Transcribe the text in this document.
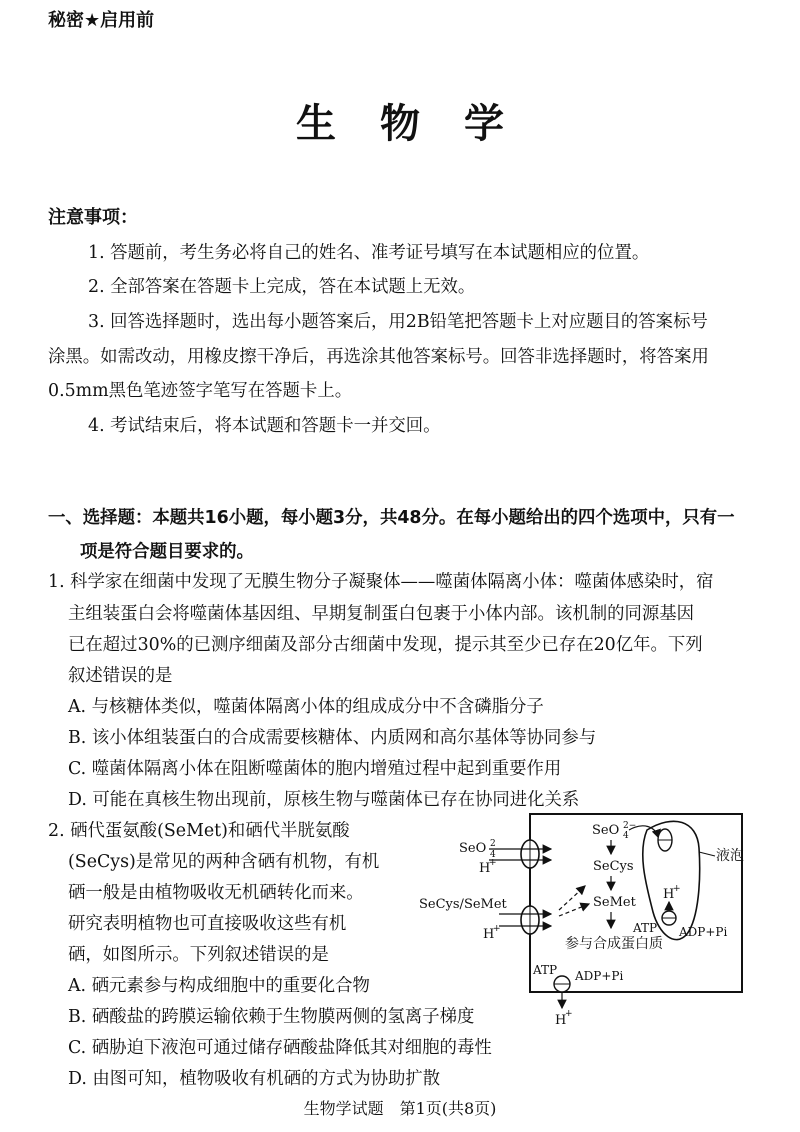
秘密★启用前
生物学
注意事项：
1. 答题前，考生务必将自己的姓名、准考证号填写在本试题相应的位置。
2. 全部答案在答题卡上完成，答在本试题上无效。
3. 回答选择题时，选出每小题答案后，用2B铅笔把答题卡上对应题目的答案标号
涂黑。如需改动，用橡皮擦干净后，再选涂其他答案标号。回答非选择题时，将答案用
0.5mm黑色笔迹签字笔写在答题卡上。
4. 考试结束后，将本试题和答题卡一并交回。
一、选择题：本题共16小题，每小题3分，共48分。在每小题给出的四个选项中，只有一
项是符合题目要求的。
1. 科学家在细菌中发现了无膜生物分子凝聚体——噬菌体隔离小体：噬菌体感染时，宿
主组装蛋白会将噬菌体基因组、早期复制蛋白包裹于小体内部。该机制的同源基因
已在超过30%的已测序细菌及部分古细菌中发现，提示其至少已存在20亿年。下列
叙述错误的是
A. 与核糖体类似，噬菌体隔离小体的组成成分中不含磷脂分子
B. 该小体组装蛋白的合成需要核糖体、内质网和高尔基体等协同参与
C. 噬菌体隔离小体在阻断噬菌体的胞内增殖过程中起到重要作用
D. 可能在真核生物出现前，原核生物与噬菌体已存在协同进化关系
2. 硒代蛋氨酸(SeMet)和硒代半胱氨酸
(SeCys)是常见的两种含硒有机物，有机
硒一般是由植物吸收无机硒转化而来。
研究表明植物也可直接吸收这些有机
硒，如图所示。下列叙述错误的是
A. 硒元素参与构成细胞中的重要化合物
B. 硒酸盐的跨膜运输依赖于生物膜两侧的氢离子梯度
C. 硒胁迫下液泡可通过储存硒酸盐降低其对细胞的毒性
D. 由图可知，植物吸收有机硒的方式为协助扩散
液泡
SeO 2
4
H
+
SeCys/SeMet
H
+
SeO 2−
4
SeCys
SeMet
参与合成蛋白质
H
+
ATP ADP+Pi
ATP ADP+Pi
H
+
生物学试题　第1页(共8页)
